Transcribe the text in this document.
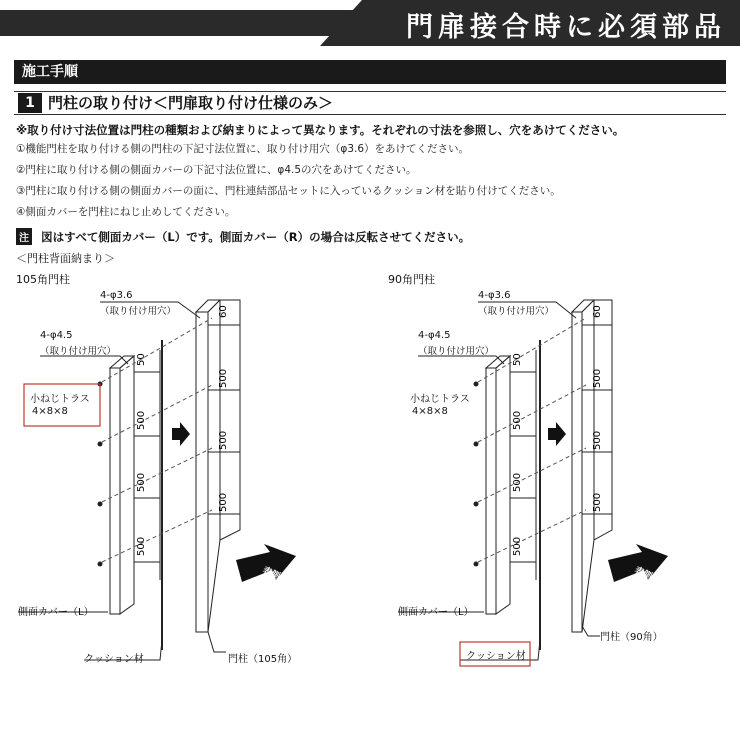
門扉接合時に必須部品
施工手順
1 門柱の取り付け＜門扉取り付け仕様のみ＞
※取り付け寸法位置は門柱の種類および納まりによって異なります。それぞれの寸法を参照し、穴をあけてください。
①機能門柱を取り付ける側の門柱の下記寸法位置に、取り付け用穴（φ3.6）をあけてください。
②門柱に取り付ける側の側面カバーの下記寸法位置に、φ4.5の穴をあけてください。
③門柱に取り付ける側の側面カバーの面に、門柱連結部品セットに入っているクッション材を貼り付けてください。
④側面カバーを門柱にねじ止めしてください。
注 図はすべて側面カバー（L）です。側面カバー（R）の場合は反転させてください。
＜門柱背面納まり＞
105角門柱	90角門柱
表側
60
500
500
500
50
500
500
500
4-φ3.6
（取り付け用穴）
4-φ4.5
（取り付け用穴）
小ねじトラス
4×8×8
側面カバー（L）
クッション材	門柱（105角）
表側
60
500
500
500
50
500
500
500
4-φ3.6
（取り付け用穴）
4-φ4.5
（取り付け用穴）
小ねじトラス
4×8×8
側面カバー（L）
クッション材
門柱（90角）
